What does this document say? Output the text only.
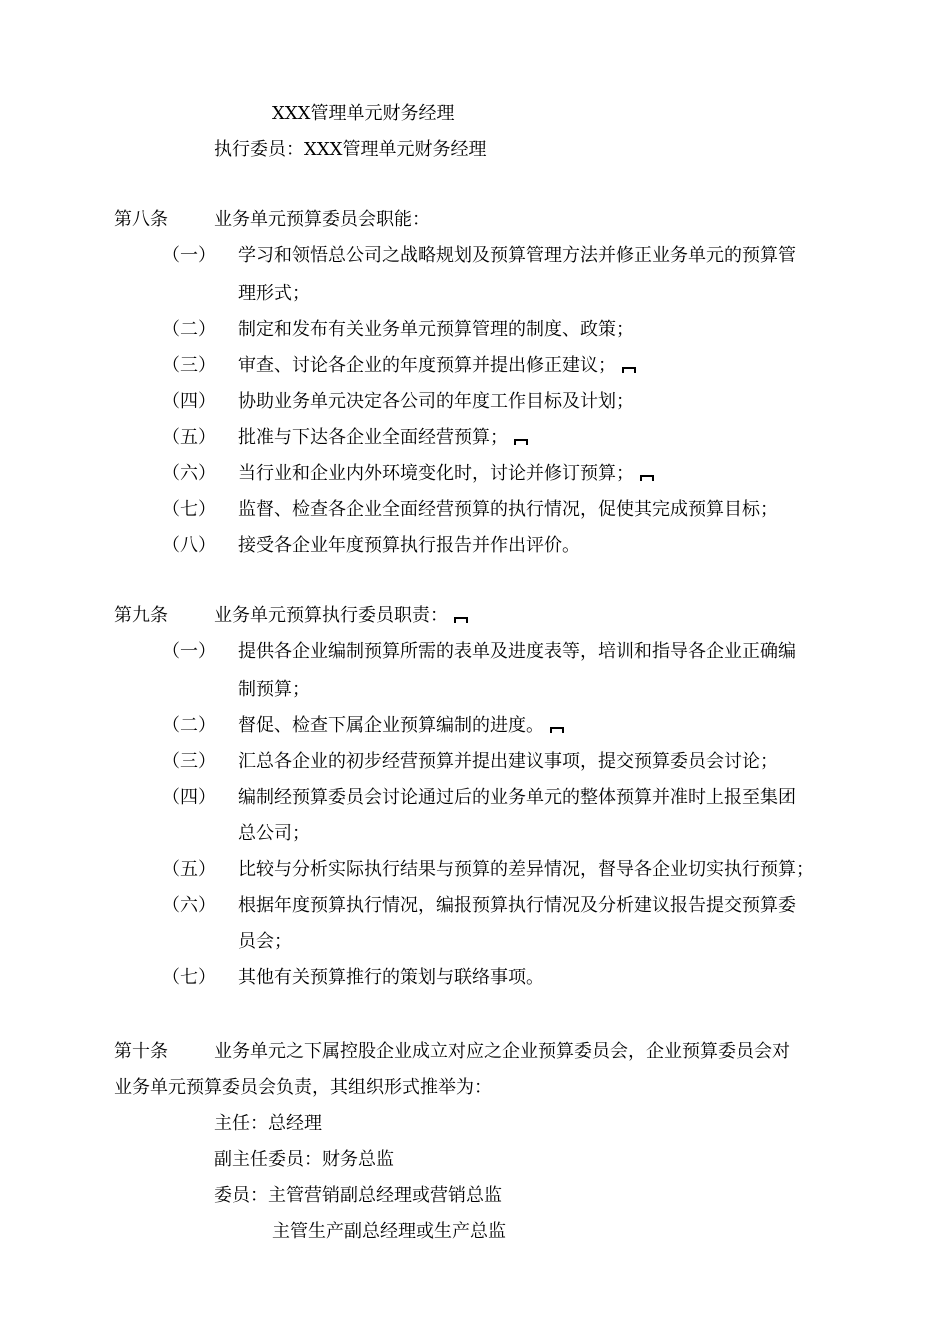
XXX管理单元财务经理
执行委员：XXX管理单元财务经理
第八条	业务单元预算委员会职能：
（一） 学习和领悟总公司之战略规划及预算管理方法并修正业务单元的预算管
理形式；
（二） 制定和发布有关业务单元预算管理的制度、政策；
（三） 审查、讨论各企业的年度预算并提出修正建议；
（四） 协助业务单元决定各公司的年度工作目标及计划；
（五） 批准与下达各企业全面经营预算；
（六） 当行业和企业内外环境变化时，讨论并修订预算；
（七） 监督、检查各企业全面经营预算的执行情况，促使其完成预算目标；
（八） 接受各企业年度预算执行报告并作出评价。
第九条	业务单元预算执行委员职责：
（一） 提供各企业编制预算所需的表单及进度表等，培训和指导各企业正确编
制预算；
（二） 督促、检查下属企业预算编制的进度。
（三） 汇总各企业的初步经营预算并提出建议事项，提交预算委员会讨论；
（四） 编制经预算委员会讨论通过后的业务单元的整体预算并准时上报至集团
总公司；
（五） 比较与分析实际执行结果与预算的差异情况，督导各企业切实执行预算；
（六） 根据年度预算执行情况，编报预算执行情况及分析建议报告提交预算委
员会；
（七） 其他有关预算推行的策划与联络事项。
第十条	业务单元之下属控股企业成立对应之企业预算委员会，企业预算委员会对
业务单元预算委员会负责，其组织形式推举为：
主任：总经理
副主任委员：财务总监
委员：主管营销副总经理或营销总监
主管生产副总经理或生产总监
